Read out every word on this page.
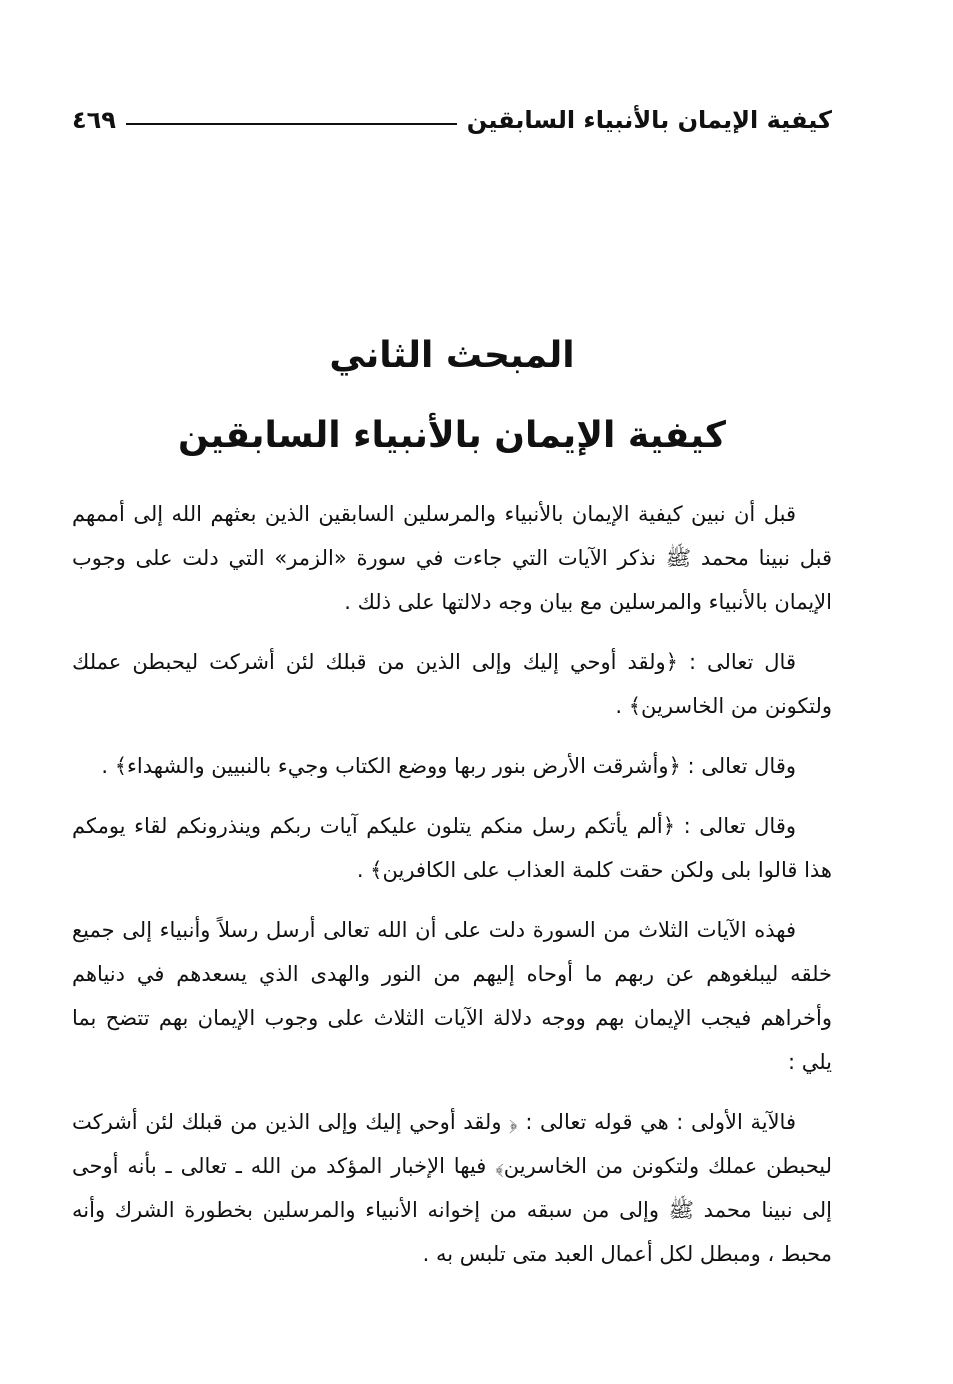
كيفية الإيمان بالأنبياء السابقين
٤٦٩
المبحث الثاني
كيفية الإيمان بالأنبياء السابقين

قبل أن نبين كيفية الإيمان بالأنبياء والمرسلين السابقين الذين بعثهم الله إلى أممهم قبل نبينا محمد ﷺ نذكر الآيات التي جاءت في سورة «الزمر» التي دلت على وجوب الإيمان بالأنبياء والمرسلين مع بيان وجه دلالتها على ذلك .

قال تعالى : ﴿ولقد أوحي إليك وإلى الذين من قبلك لئن أشركت ليحبطن عملك ولتكونن من الخاسرين﴾ .

وقال تعالى : ﴿وأشرقت الأرض بنور ربها ووضع الكتاب وجيء بالنبيين والشهداء﴾ .

وقال تعالى : ﴿ألم يأتكم رسل منكم يتلون عليكم آيات ربكم وينذرونكم لقاء يومكم هذا قالوا بلى ولكن حقت كلمة العذاب على الكافرين﴾ .

فهذه الآيات الثلاث من السورة دلت على أن الله تعالى أرسل رسلاً وأنبياء إلى جميع خلقه ليبلغوهم عن ربهم ما أوحاه إليهم من النور والهدى الذي يسعدهم في دنياهم وأخراهم فيجب الإيمان بهم ووجه دلالة الآيات الثلاث على وجوب الإيمان بهم تتضح بما يلي :

فالآية الأولى : هي قوله تعالى : ﴿ ولقد أوحي إليك وإلى الذين من قبلك لئن أشركت ليحبطن عملك ولتكونن من الخاسرين﴾ فيها الإخبار المؤكد من الله ـ تعالى ـ بأنه أوحى إلى نبينا محمد ﷺ وإلى من سبقه من إخوانه الأنبياء والمرسلين بخطورة الشرك وأنه محبط ، ومبطل لكل أعمال العبد متى تلبس به .
